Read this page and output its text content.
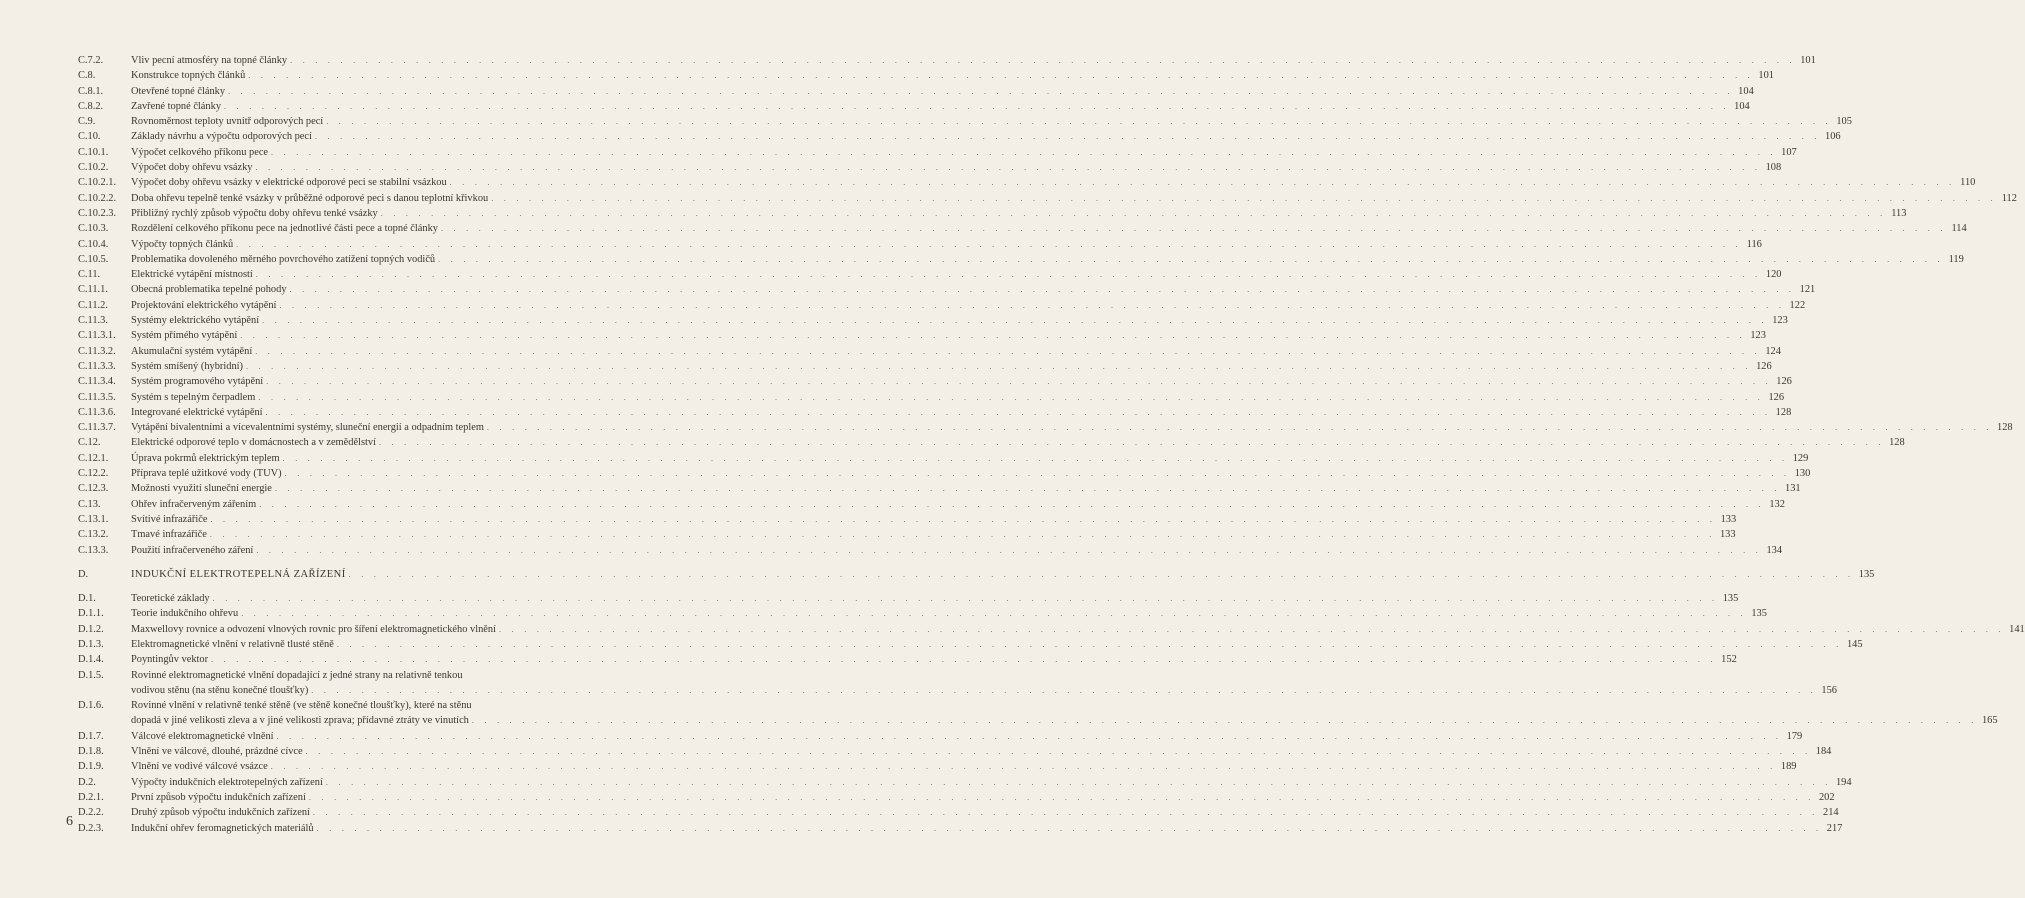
C.7.2.	Vliv pecní atmosféry na topné články . . . . . . . . . . . . . . . . . . . . . . . . . . . . . . . . . . . . . . . . . . . . . . . . . . . . . . . . . . . . . . . . . . . . . . . . . . . . . . . . . . . . . . . . . . . . . . . . . . . . . . . . . . . . . . . . . . . . . . . . 101
C.8.	Konstrukce topných článků . . . . . . . . . . . . . . . . . . . . . . . . . . . . . . . . . . . . . . . . . . . . . . . . . . . . . . . . . . . . . . . . . . . . . . . . . . . . . . . . . . . . . . . . . . . . . . . . . . . . . . . . . . . . . . . . . . . . . . . . 101
C.8.1.	Otevřené topné články . . . . . . . . . . . . . . . . . . . . . . . . . . . . . . . . . . . . . . . . . . . . . . . . . . . . . . . . . . . . . . . . . . . . . . . . . . . . . . . . . . . . . . . . . . . . . . . . . . . . . . . . . . . . . . . . . . . . . . . . 104
C.8.2.	Zavřené topné články . . . . . . . . . . . . . . . . . . . . . . . . . . . . . . . . . . . . . . . . . . . . . . . . . . . . . . . . . . . . . . . . . . . . . . . . . . . . . . . . . . . . . . . . . . . . . . . . . . . . . . . . . . . . . . . . . . . . . . . . 104
C.9.	Rovnoměrnost teploty uvnitř odporových pecí . . . . . . . . . . . . . . . . . . . . . . . . . . . . . . . . . . . . . . . . . . . . . . . . . . . . . . . . . . . . . . . . . . . . . . . . . . . . . . . . . . . . . . . . . . . . . . . . . . . . . . . . . . . . . . . . . . . . . . . . 105
C.10.	Základy návrhu a výpočtu odporových pecí . . . . . . . . . . . . . . . . . . . . . . . . . . . . . . . . . . . . . . . . . . . . . . . . . . . . . . . . . . . . . . . . . . . . . . . . . . . . . . . . . . . . . . . . . . . . . . . . . . . . . . . . . . . . . . . . . . . . . . . . 106
C.10.1.	Výpočet celkového příkonu pece . . . . . . . . . . . . . . . . . . . . . . . . . . . . . . . . . . . . . . . . . . . . . . . . . . . . . . . . . . . . . . . . . . . . . . . . . . . . . . . . . . . . . . . . . . . . . . . . . . . . . . . . . . . . . . . . . . . . . . . . 107
C.10.2.	Výpočet doby ohřevu vsázky . . . . . . . . . . . . . . . . . . . . . . . . . . . . . . . . . . . . . . . . . . . . . . . . . . . . . . . . . . . . . . . . . . . . . . . . . . . . . . . . . . . . . . . . . . . . . . . . . . . . . . . . . . . . . . . . . . . . . . . . 108
C.10.2.1.	Výpočet doby ohřevu vsázky v elektrické odporové peci se stabilní vsázkou . . . . . . . . . . . . . . . . . . . . . . . . . . . . . . . . . . . . . . . . . . . . . . . . . . . . . . . . . . . . . . . . . . . . . . . . . . . . . . . . . . . . . . . . . . . . . . . . . . . . . . . . . . . . . . . . . . . . . . . . 110
C.10.2.2.	Doba ohřevu tepelně tenké vsázky v průběžné odporové peci s danou teplotní křivkou . . . . . . . . . . . . . . . . . . . . . . . . . . . . . . . . . . . . . . . . . . . . . . . . . . . . . . . . . . . . . . . . . . . . . . . . . . . . . . . . . . . . . . . . . . . . . . . . . . . . . . . . . . . . . . . . . . . . . . . . 112
C.10.2.3.	Přibližný rychlý způsob výpočtu doby ohřevu tenké vsázky . . . . . . . . . . . . . . . . . . . . . . . . . . . . . . . . . . . . . . . . . . . . . . . . . . . . . . . . . . . . . . . . . . . . . . . . . . . . . . . . . . . . . . . . . . . . . . . . . . . . . . . . . . . . . . . . . . . . . . . . 113
C.10.3.	Rozdělení celkového příkonu pece na jednotlivé části pece a topné články . . . . . . . . . . . . . . . . . . . . . . . . . . . . . . . . . . . . . . . . . . . . . . . . . . . . . . . . . . . . . . . . . . . . . . . . . . . . . . . . . . . . . . . . . . . . . . . . . . . . . . . . . . . . . . . . . . . . . . . . 114
C.10.4.	Výpočty topných článků . . . . . . . . . . . . . . . . . . . . . . . . . . . . . . . . . . . . . . . . . . . . . . . . . . . . . . . . . . . . . . . . . . . . . . . . . . . . . . . . . . . . . . . . . . . . . . . . . . . . . . . . . . . . . . . . . . . . . . . . 116
C.10.5.	Problematika dovoleného měrného povrchového zatížení topných vodičů . . . . . . . . . . . . . . . . . . . . . . . . . . . . . . . . . . . . . . . . . . . . . . . . . . . . . . . . . . . . . . . . . . . . . . . . . . . . . . . . . . . . . . . . . . . . . . . . . . . . . . . . . . . . . . . . . . . . . . . . 119
C.11.	Elektrické vytápění místností . . . . . . . . . . . . . . . . . . . . . . . . . . . . . . . . . . . . . . . . . . . . . . . . . . . . . . . . . . . . . . . . . . . . . . . . . . . . . . . . . . . . . . . . . . . . . . . . . . . . . . . . . . . . . . . . . . . . . . . . 120
C.11.1.	Obecná problematika tepelné pohody . . . . . . . . . . . . . . . . . . . . . . . . . . . . . . . . . . . . . . . . . . . . . . . . . . . . . . . . . . . . . . . . . . . . . . . . . . . . . . . . . . . . . . . . . . . . . . . . . . . . . . . . . . . . . . . . . . . . . . . . 121
C.11.2.	Projektování elektrického vytápění . . . . . . . . . . . . . . . . . . . . . . . . . . . . . . . . . . . . . . . . . . . . . . . . . . . . . . . . . . . . . . . . . . . . . . . . . . . . . . . . . . . . . . . . . . . . . . . . . . . . . . . . . . . . . . . . . . . . . . . . 122
C.11.3.	Systémy elektrického vytápění . . . . . . . . . . . . . . . . . . . . . . . . . . . . . . . . . . . . . . . . . . . . . . . . . . . . . . . . . . . . . . . . . . . . . . . . . . . . . . . . . . . . . . . . . . . . . . . . . . . . . . . . . . . . . . . . . . . . . . . . 123
C.11.3.1.	Systém přímého vytápění . . . . . . . . . . . . . . . . . . . . . . . . . . . . . . . . . . . . . . . . . . . . . . . . . . . . . . . . . . . . . . . . . . . . . . . . . . . . . . . . . . . . . . . . . . . . . . . . . . . . . . . . . . . . . . . . . . . . . . . . 123
C.11.3.2.	Akumulační systém vytápění . . . . . . . . . . . . . . . . . . . . . . . . . . . . . . . . . . . . . . . . . . . . . . . . . . . . . . . . . . . . . . . . . . . . . . . . . . . . . . . . . . . . . . . . . . . . . . . . . . . . . . . . . . . . . . . . . . . . . . . . 124
C.11.3.3.	Systém smíšený (hybridní) . . . . . . . . . . . . . . . . . . . . . . . . . . . . . . . . . . . . . . . . . . . . . . . . . . . . . . . . . . . . . . . . . . . . . . . . . . . . . . . . . . . . . . . . . . . . . . . . . . . . . . . . . . . . . . . . . . . . . . . . 126
C.11.3.4.	Systém programového vytápění . . . . . . . . . . . . . . . . . . . . . . . . . . . . . . . . . . . . . . . . . . . . . . . . . . . . . . . . . . . . . . . . . . . . . . . . . . . . . . . . . . . . . . . . . . . . . . . . . . . . . . . . . . . . . . . . . . . . . . . . 126
C.11.3.5.	Systém s tepelným čerpadlem . . . . . . . . . . . . . . . . . . . . . . . . . . . . . . . . . . . . . . . . . . . . . . . . . . . . . . . . . . . . . . . . . . . . . . . . . . . . . . . . . . . . . . . . . . . . . . . . . . . . . . . . . . . . . . . . . . . . . . . . 126
C.11.3.6.	Integrované elektrické vytápění . . . . . . . . . . . . . . . . . . . . . . . . . . . . . . . . . . . . . . . . . . . . . . . . . . . . . . . . . . . . . . . . . . . . . . . . . . . . . . . . . . . . . . . . . . . . . . . . . . . . . . . . . . . . . . . . . . . . . . . . 128
C.11.3.7.	Vytápění bivalentními a vícevalentními systémy, sluneční energií a odpadním teplem . . . . . . . . . . . . . . . . . . . . . . . . . . . . . . . . . . . . . . . . . . . . . . . . . . . . . . . . . . . . . . . . . . . . . . . . . . . . . . . . . . . . . . . . . . . . . . . . . . . . . . . . . . . . . . . . . . . . . . . . 128
C.12.	Elektrické odporové teplo v domácnostech a v zemědělství . . . . . . . . . . . . . . . . . . . . . . . . . . . . . . . . . . . . . . . . . . . . . . . . . . . . . . . . . . . . . . . . . . . . . . . . . . . . . . . . . . . . . . . . . . . . . . . . . . . . . . . . . . . . . . . . . . . . . . . . 128
C.12.1.	Úprava pokrmů elektrickým teplem . . . . . . . . . . . . . . . . . . . . . . . . . . . . . . . . . . . . . . . . . . . . . . . . . . . . . . . . . . . . . . . . . . . . . . . . . . . . . . . . . . . . . . . . . . . . . . . . . . . . . . . . . . . . . . . . . . . . . . . . 129
C.12.2.	Příprava teplé užitkové vody (TUV) . . . . . . . . . . . . . . . . . . . . . . . . . . . . . . . . . . . . . . . . . . . . . . . . . . . . . . . . . . . . . . . . . . . . . . . . . . . . . . . . . . . . . . . . . . . . . . . . . . . . . . . . . . . . . . . . . . . . . . . . 130
C.12.3.	Možnosti využití sluneční energie . . . . . . . . . . . . . . . . . . . . . . . . . . . . . . . . . . . . . . . . . . . . . . . . . . . . . . . . . . . . . . . . . . . . . . . . . . . . . . . . . . . . . . . . . . . . . . . . . . . . . . . . . . . . . . . . . . . . . . . . 131
C.13.	Ohřev infračerveným zářením . . . . . . . . . . . . . . . . . . . . . . . . . . . . . . . . . . . . . . . . . . . . . . . . . . . . . . . . . . . . . . . . . . . . . . . . . . . . . . . . . . . . . . . . . . . . . . . . . . . . . . . . . . . . . . . . . . . . . . . . 132
C.13.1.	Svítivé infrazářiče . . . . . . . . . . . . . . . . . . . . . . . . . . . . . . . . . . . . . . . . . . . . . . . . . . . . . . . . . . . . . . . . . . . . . . . . . . . . . . . . . . . . . . . . . . . . . . . . . . . . . . . . . . . . . . . . . . . . . . . . 133
C.13.2.	Tmavé infrazářiče . . . . . . . . . . . . . . . . . . . . . . . . . . . . . . . . . . . . . . . . . . . . . . . . . . . . . . . . . . . . . . . . . . . . . . . . . . . . . . . . . . . . . . . . . . . . . . . . . . . . . . . . . . . . . . . . . . . . . . . . 133
C.13.3.	Použití infračerveného záření . . . . . . . . . . . . . . . . . . . . . . . . . . . . . . . . . . . . . . . . . . . . . . . . . . . . . . . . . . . . . . . . . . . . . . . . . . . . . . . . . . . . . . . . . . . . . . . . . . . . . . . . . . . . . . . . . . . . . . . . 134
D.	INDUKČNÍ ELEKTROTEPELNÁ ZAŘÍZENÍ . . . . . . . . . . . . . . . . . . . . . . . . . . . . . . . . . . . . . . . . . . . . . . . . . . . . . . . . . . . . . . . . . . . . . . . . . . . . . . . . . . . . . . . . . . . . . . . . . . . . . . . . . . . . . . . . . . . . . . . . 135
D.1.	Teoretické základy . . . . . . . . . . . . . . . . . . . . . . . . . . . . . . . . . . . . . . . . . . . . . . . . . . . . . . . . . . . . . . . . . . . . . . . . . . . . . . . . . . . . . . . . . . . . . . . . . . . . . . . . . . . . . . . . . . . . . . . . 135
D.1.1.	Teorie indukčního ohřevu . . . . . . . . . . . . . . . . . . . . . . . . . . . . . . . . . . . . . . . . . . . . . . . . . . . . . . . . . . . . . . . . . . . . . . . . . . . . . . . . . . . . . . . . . . . . . . . . . . . . . . . . . . . . . . . . . . . . . . . . 135
D.1.2.	Maxwellovy rovnice a odvození vlnových rovnic pro šíření elektromagnetického vlnění . . . . . . . . . . . . . . . . . . . . . . . . . . . . . . . . . . . . . . . . . . . . . . . . . . . . . . . . . . . . . . . . . . . . . . . . . . . . . . . . . . . . . . . . . . . . . . . . . . . . . . . . . . . . . . . . . . . . . . . . 141
D.1.3.	Elektromagnetické vlnění v relativně tlusté stěně . . . . . . . . . . . . . . . . . . . . . . . . . . . . . . . . . . . . . . . . . . . . . . . . . . . . . . . . . . . . . . . . . . . . . . . . . . . . . . . . . . . . . . . . . . . . . . . . . . . . . . . . . . . . . . . . . . . . . . . . 145
D.1.4.	Poyntingův vektor . . . . . . . . . . . . . . . . . . . . . . . . . . . . . . . . . . . . . . . . . . . . . . . . . . . . . . . . . . . . . . . . . . . . . . . . . . . . . . . . . . . . . . . . . . . . . . . . . . . . . . . . . . . . . . . . . . . . . . . . 152
D.1.5.	Rovinné elektromagnetické vlnění dopadající z jedné strany na relativně tenkou
vodivou stěnu (na stěnu konečné tloušťky) . . . . . . . . . . . . . . . . . . . . . . . . . . . . . . . . . . . . . . . . . . . . . . . . . . . . . . . . . . . . . . . . . . . . . . . . . . . . . . . . . . . . . . . . . . . . . . . . . . . . . . . . . . . . . . . . . . . . . . . . 156
D.1.6.	Rovinné vlnění v relativně tenké stěně (ve stěně konečné tloušťky), které na stěnu
dopadá v jiné velikosti zleva a v jiné velikosti zprava; přídavné ztráty ve vinutích . . . . . . . . . . . . . . . . . . . . . . . . . . . . . . . . . . . . . . . . . . . . . . . . . . . . . . . . . . . . . . . . . . . . . . . . . . . . . . . . . . . . . . . . . . . . . . . . . . . . . . . . . . . . . . . . . . . . . . . . 165
D.1.7.	Válcové elektromagnetické vlnění . . . . . . . . . . . . . . . . . . . . . . . . . . . . . . . . . . . . . . . . . . . . . . . . . . . . . . . . . . . . . . . . . . . . . . . . . . . . . . . . . . . . . . . . . . . . . . . . . . . . . . . . . . . . . . . . . . . . . . . . 179
D.1.8.	Vlnění ve válcové, dlouhé, prázdné cívce . . . . . . . . . . . . . . . . . . . . . . . . . . . . . . . . . . . . . . . . . . . . . . . . . . . . . . . . . . . . . . . . . . . . . . . . . . . . . . . . . . . . . . . . . . . . . . . . . . . . . . . . . . . . . . . . . . . . . . . . 184
D.1.9.	Vlnění ve vodivé válcové vsázce . . . . . . . . . . . . . . . . . . . . . . . . . . . . . . . . . . . . . . . . . . . . . . . . . . . . . . . . . . . . . . . . . . . . . . . . . . . . . . . . . . . . . . . . . . . . . . . . . . . . . . . . . . . . . . . . . . . . . . . . 189
D.2.	Výpočty indukčních elektrotepelných zařízení . . . . . . . . . . . . . . . . . . . . . . . . . . . . . . . . . . . . . . . . . . . . . . . . . . . . . . . . . . . . . . . . . . . . . . . . . . . . . . . . . . . . . . . . . . . . . . . . . . . . . . . . . . . . . . . . . . . . . . . . 194
D.2.1.	První způsob výpočtu indukčních zařízení . . . . . . . . . . . . . . . . . . . . . . . . . . . . . . . . . . . . . . . . . . . . . . . . . . . . . . . . . . . . . . . . . . . . . . . . . . . . . . . . . . . . . . . . . . . . . . . . . . . . . . . . . . . . . . . . . . . . . . . . 202
D.2.2.	Druhý způsob výpočtu indukčních zařízení . . . . . . . . . . . . . . . . . . . . . . . . . . . . . . . . . . . . . . . . . . . . . . . . . . . . . . . . . . . . . . . . . . . . . . . . . . . . . . . . . . . . . . . . . . . . . . . . . . . . . . . . . . . . . . . . . . . . . . . . 214
D.2.3.	Indukční ohřev feromagnetických materiálů . . . . . . . . . . . . . . . . . . . . . . . . . . . . . . . . . . . . . . . . . . . . . . . . . . . . . . . . . . . . . . . . . . . . . . . . . . . . . . . . . . . . . . . . . . . . . . . . . . . . . . . . . . . . . . . . . . . . . . . . 217
6
